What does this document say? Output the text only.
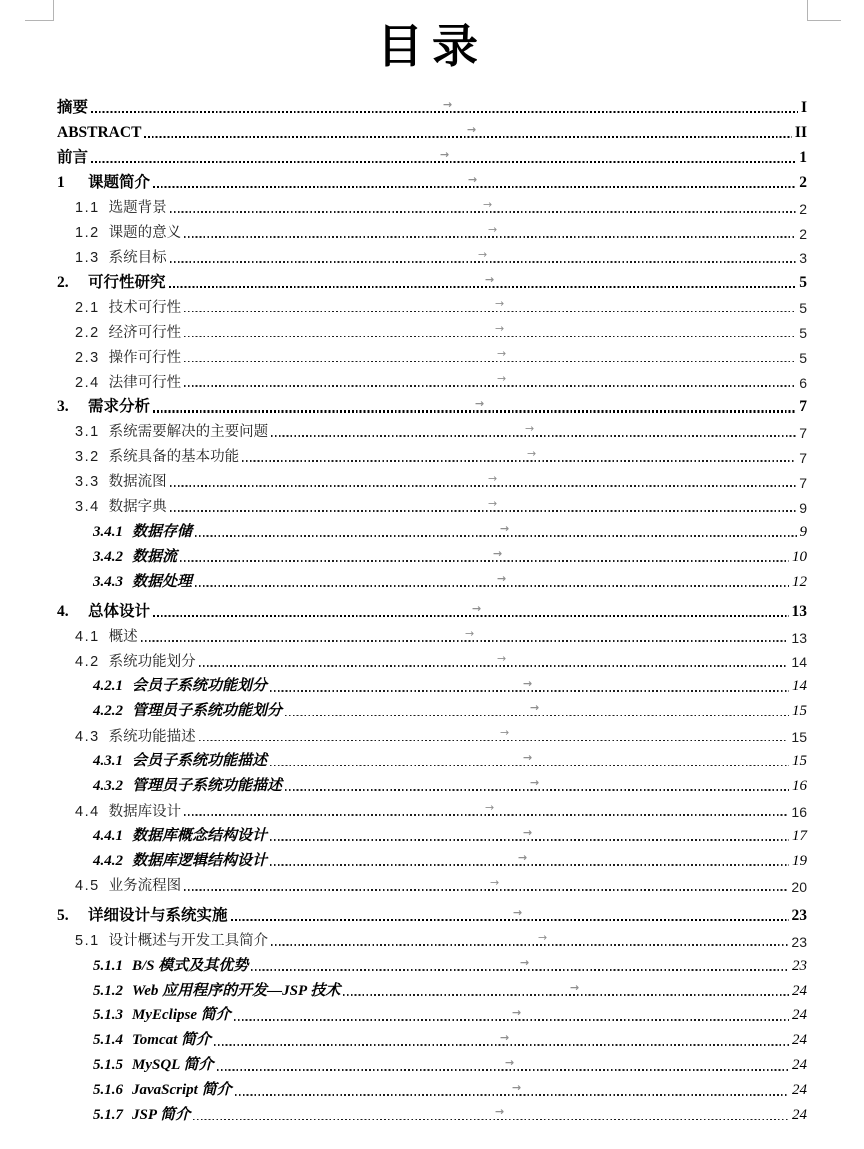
目录
摘要	I
→
ABSTRACT	II
→
前言	1
→
1	课题简介	2
→
1.1 选题背景	2
→
1.2 课题的意义	2
→
1.3 系统目标	3
→
2.	可行性研究	5
→
2.1 技术可行性	5
→
2.2 经济可行性	5
→
2.3 操作可行性	5
→
2.4 法律可行性	6
→
3.	需求分析	7
→
3.1 系统需要解决的主要问题	7
→
3.2 系统具备的基本功能	7
→
3.3 数据流图	7
→
3.4 数据字典	9
→
3.4.1 数据存储	9
→
3.4.2 数据流	10
→
3.4.3 数据处理	12
→
4.	总体设计	13
→
4.1 概述	13
→
4.2 系统功能划分	14
→
4.2.1 会员子系统功能划分	14
→
4.2.2 管理员子系统功能划分	15
→
4.3 系统功能描述	15
→
4.3.1 会员子系统功能描述	15
→
4.3.2 管理员子系统功能描述	16
→
4.4 数据库设计	16
→
4.4.1 数据库概念结构设计	17
→
4.4.2 数据库逻辑结构设计	19
→
4.5 业务流程图	20
→
5.	详细设计与系统实施	23
→
5.1 设计概述与开发工具简介	23
→
5.1.1 B/S 模式及其优势	23
→
5.1.2 Web 应用程序的开发—JSP 技术	24
→
5.1.3 MyEclipse 简介	24
→
5.1.4 Tomcat 简介	24
→
5.1.5 MySQL 简介	24
→
5.1.6 JavaScript 简介	24
→
5.1.7 JSP 简介	24
→
